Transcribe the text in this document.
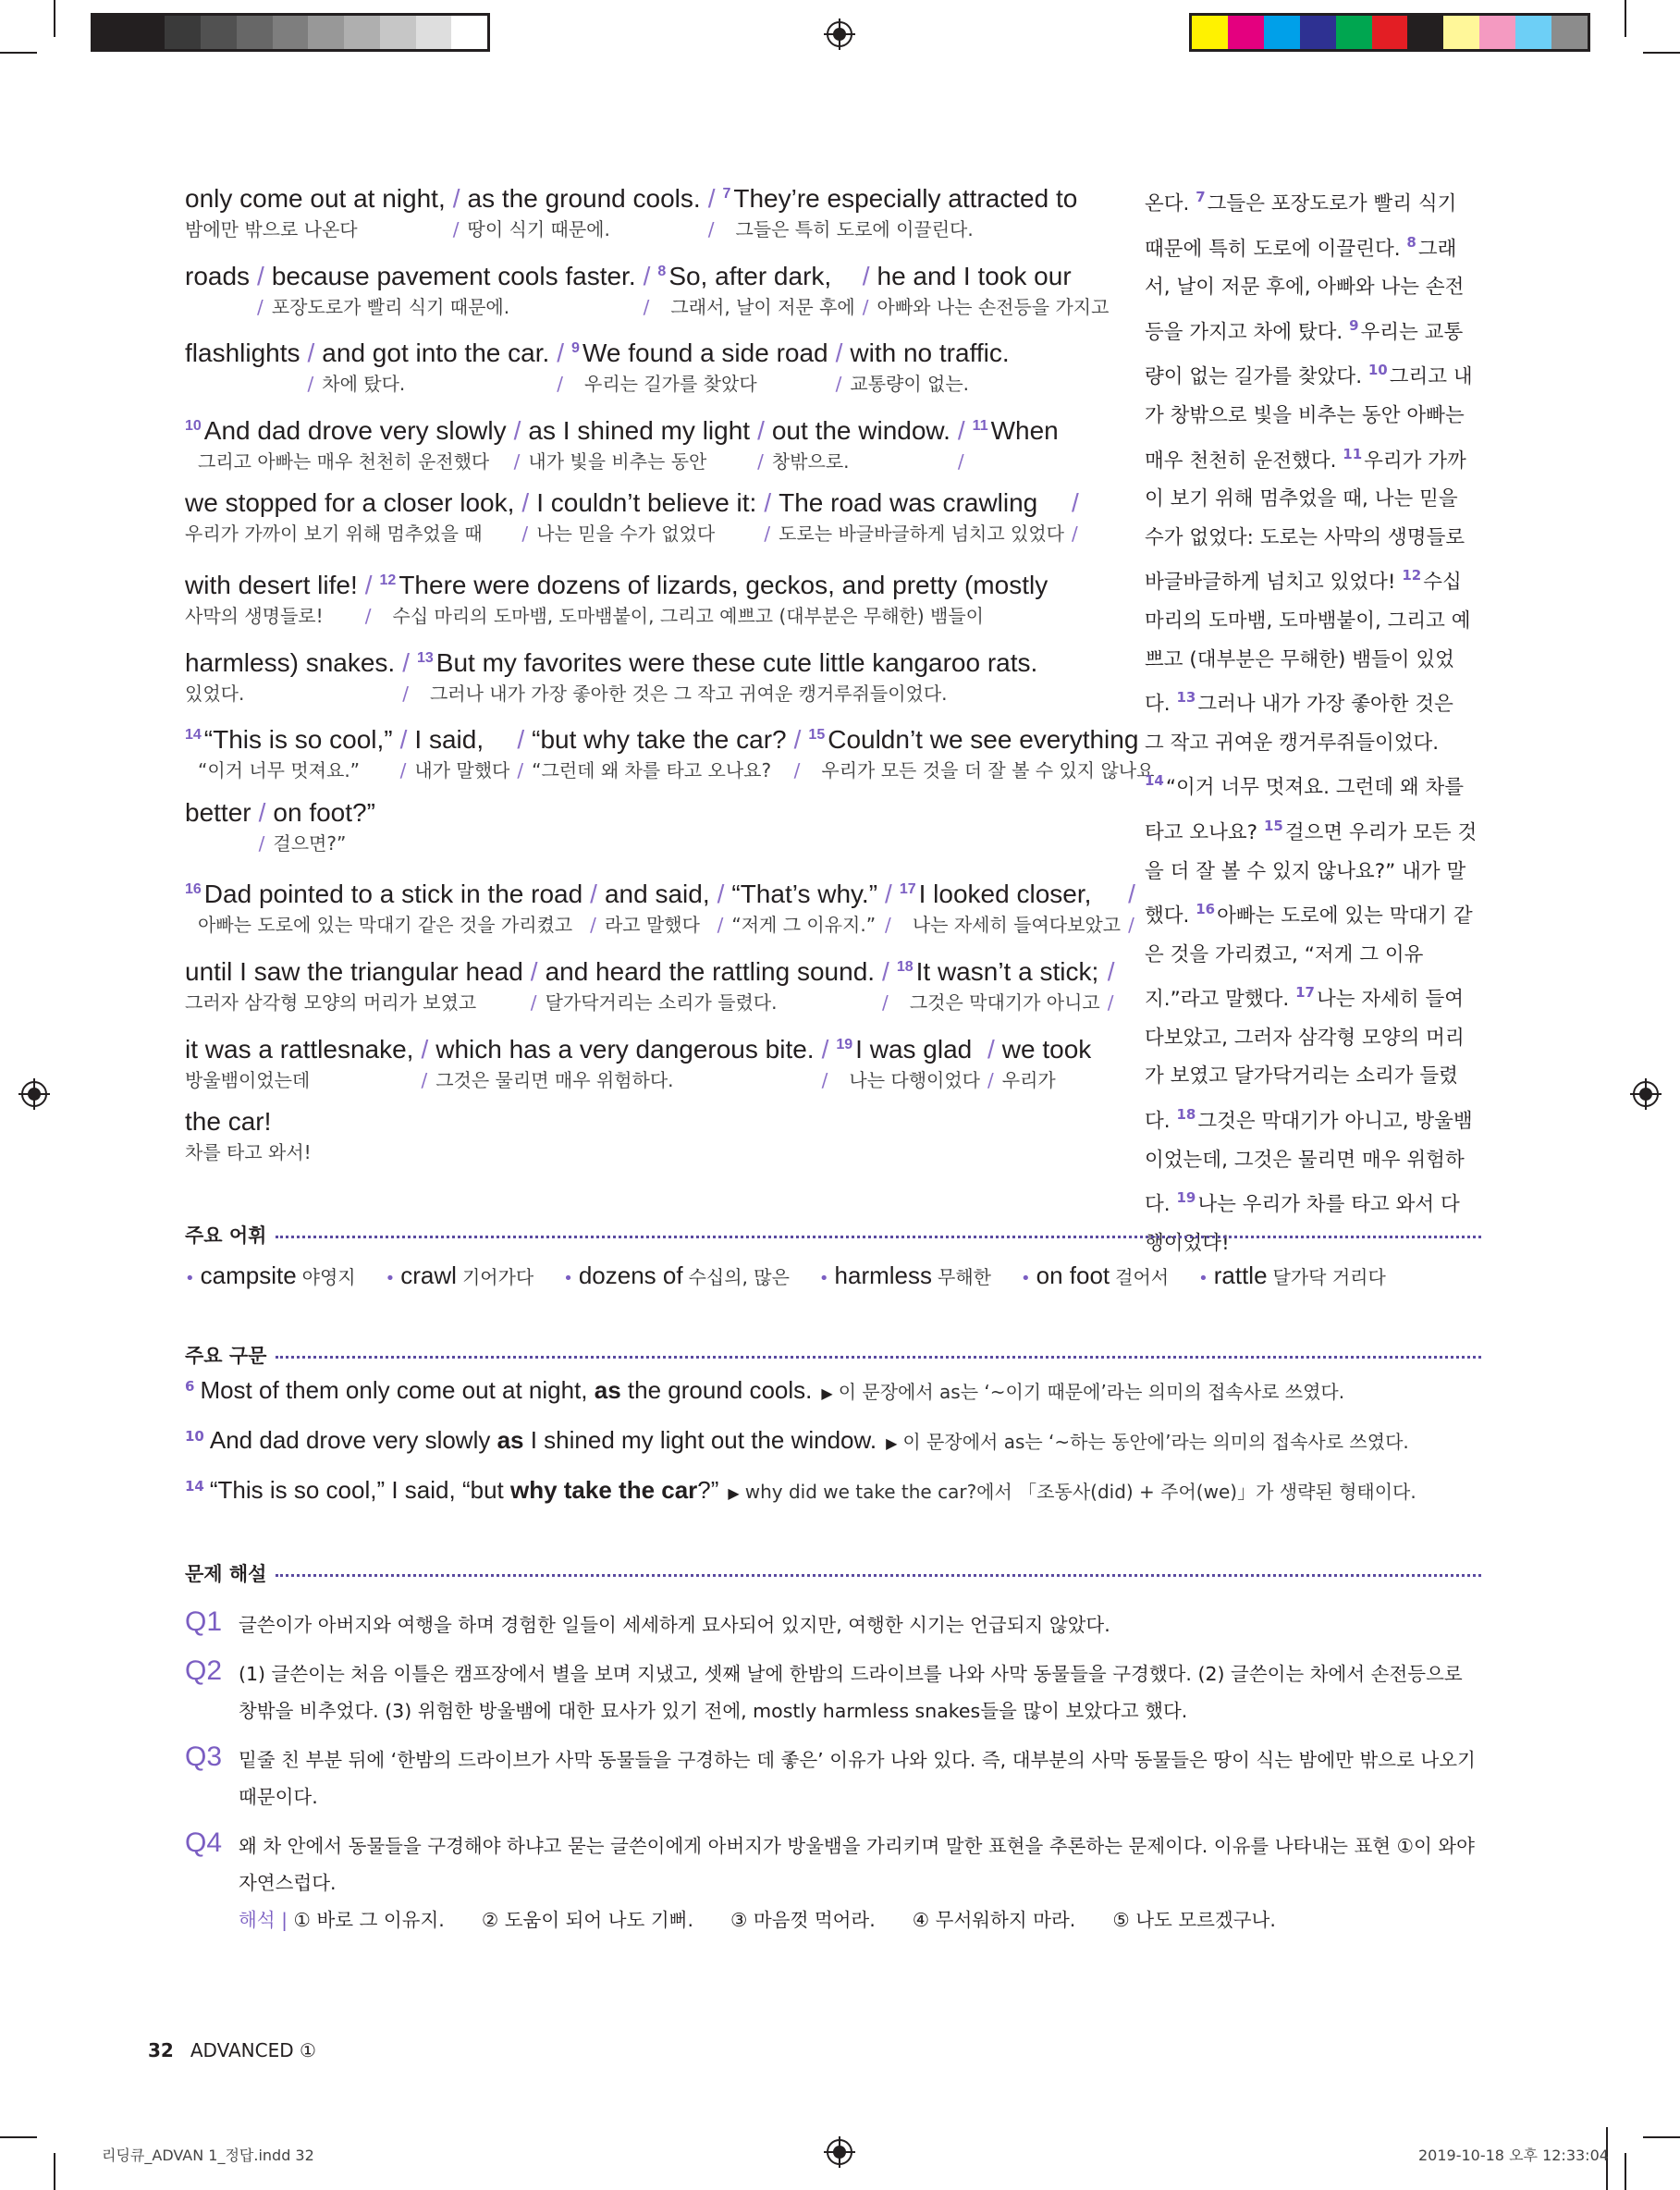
only come out at night,
밤에만 밖으로 나온다
/
/
as the ground cools.
땅이 식기 때문에.
/
/
$^7$ They’re especially attracted to
그들은 특히 도로에 이끌린다.
roads
/
/
because pavement cools faster.
포장도로가 빨리 식기 때문에.
/
/
$^8$ So, after dark,
그래서, 날이 저문 후에
/
/
he and I took our
아빠와 나는 손전등을 가지고
flashlights
/
/
and got into the car.
차에 탔다.
/
/
$^9$ We found a side road
우리는 길가를 찾았다
/
/
with no traffic.
교통량이 없는.
$^{10}$ And dad drove very slowly
그리고 아빠는 매우 천천히 운전했다
/
/
as I shined my light
내가 빛을 비추는 동안
/
/
out the window.
창밖으로.
/
/
$^{11}$ When

we stopped for a closer look,
우리가 가까이 보기 위해 멈추었을 때
/
/
I couldn’t believe it:
나는 믿을 수가 없었다
/
/
The road was crawling
도로는 바글바글하게 넘치고 있었다
/
/
with desert life!
사막의 생명들로!
/
/
$^{12}$ There were dozens of lizards, geckos, and pretty (mostly
수십 마리의 도마뱀, 도마뱀붙이, 그리고 예쁘고 (대부분은 무해한) 뱀들이
harmless) snakes.
있었다.
/
/
$^{13}$ But my favorites were these cute little kangaroo rats.
그러나 내가 가장 좋아한 것은 그 작고 귀여운 캥거루쥐들이었다.
$^{14}$ “This is so cool,”
“이거 너무 멋져요.”
/
/
I said,
내가 말했다
/
/
“but why take the car?
“그런데 왜 차를 타고 오나요?
/
/
$^{15}$ Couldn’t we see everything
우리가 모든 것을 더 잘 볼 수 있지 않나요
better
/
/
on foot?”
걸으면?”
$^{16}$ Dad pointed to a stick in the road
아빠는 도로에 있는 막대기 같은 것을 가리켰고
/
/
and said,
라고 말했다
/
/
“That’s why.”
“저게 그 이유지.”
/
/
$^{17}$ I looked closer,
나는 자세히 들여다보았고
/
/
until I saw the triangular head
그러자 삼각형 모양의 머리가 보였고
/
/
and heard the rattling sound.
달가닥거리는 소리가 들렸다.
/
/
$^{18}$ It wasn’t a stick;
그것은 막대기가 아니고
/
/
it was a rattlesnake,
방울뱀이었는데
/
/
which has a very dangerous bite.
그것은 물리면 매우 위험하다.
/
/
$^{19}$ I was glad
나는 다행이었다
/
/
we took
우리가
the car!
차를 타고 와서!
온다. $^7$그들은 포장도로가 빨리 식기 때문에 특히 도로에 이끌린다. $^8$그래서, 날이 저문 후에, 아빠와 나는 손전등을 가지고 차에 탔다. $^9$우리는 교통량이 없는 길가를 찾았다. $^{10}$그리고 내가 창밖으로 빛을 비추는 동안 아빠는 매우 천천히 운전했다. $^{11}$우리가 가까이 보기 위해 멈추었을 때, 나는 믿을 수가 없었다: 도로는 사막의 생명들로 바글바글하게 넘치고 있었다! $^{12}$수십 마리의 도마뱀, 도마뱀붙이, 그리고 예쁘고 (대부분은 무해한) 뱀들이 있었다. $^{13}$그러나 내가 가장 좋아한 것은 그 작고 귀여운 캥거루쥐들이었다. $^{14}$“이거 너무 멋져요. 그런데 왜 차를 타고 오나요? $^{15}$걸으면 우리가 모든 것을 더 잘 볼 수 있지 않나요?” 내가 말했다. $^{16}$아빠는 도로에 있는 막대기 같은 것을 가리켰고, “저게 그 이유지.”라고 말했다. $^{17}$나는 자세히 들여다보았고, 그러자 삼각형 모양의 머리가 보였고 달가닥거리는 소리가 들렸다. $^{18}$그것은 막대기가 아니고, 방울뱀이었는데, 그것은 물리면 매우 위험하다. $^{19}$나는 우리가 차를 타고 와서 다행이었다!
주요 어휘
• campsite 야영지 • crawl 기어가다 • dozens of 수십의, 많은 • harmless 무해한 • on foot 걸어서 • rattle 달가닥 거리다
주요 구문
6 Most of them only come out at night, as the ground cools. ▶ 이 문장에서 as는 ‘~이기 때문에’라는 의미의 접속사로 쓰였다.
10 And dad drove very slowly as I shined my light out the window. ▶ 이 문장에서 as는 ‘~하는 동안에’라는 의미의 접속사로 쓰였다.
14 “This is so cool,” I said, “but why take the car?” ▶ why did we take the car?에서 「조동사(did) + 주어(we)」가 생략된 형태이다.
문제 해설
Q1 글쓴이가 아버지와 여행을 하며 경험한 일들이 세세하게 묘사되어 있지만, 여행한 시기는 언급되지 않았다.
Q2 (1) 글쓴이는 처음 이틀은 캠프장에서 별을 보며 지냈고, 셋째 날에 한밤의 드라이브를 나와 사막 동물들을 구경했다. (2) 글쓴이는 차에서 손전등으로 창밖을 비추었다. (3) 위험한 방울뱀에 대한 묘사가 있기 전에, mostly harmless snakes들을 많이 보았다고 했다.
Q3 밑줄 친 부분 뒤에 ‘한밤의 드라이브가 사막 동물들을 구경하는 데 좋은’ 이유가 나와 있다. 즉, 대부분의 사막 동물들은 땅이 식는 밤에만 밖으로 나오기 때문이다.
Q4 왜 차 안에서 동물들을 구경해야 하냐고 묻는 글쓴이에게 아버지가 방울뱀을 가리키며 말한 표현을 추론하는 문제이다. 이유를 나타내는 표현 ①이 와야 자연스럽다.
해석 | ① 바로 그 이유지. ② 도움이 되어 나도 기뻐. ③ 마음껏 먹어라. ④ 무서워하지 마라. ⑤ 나도 모르겠구나.
32 ADVANCED ①
리딩큐_ADVAN 1_정답.indd 32	2019-10-18 오후 12:33:04
